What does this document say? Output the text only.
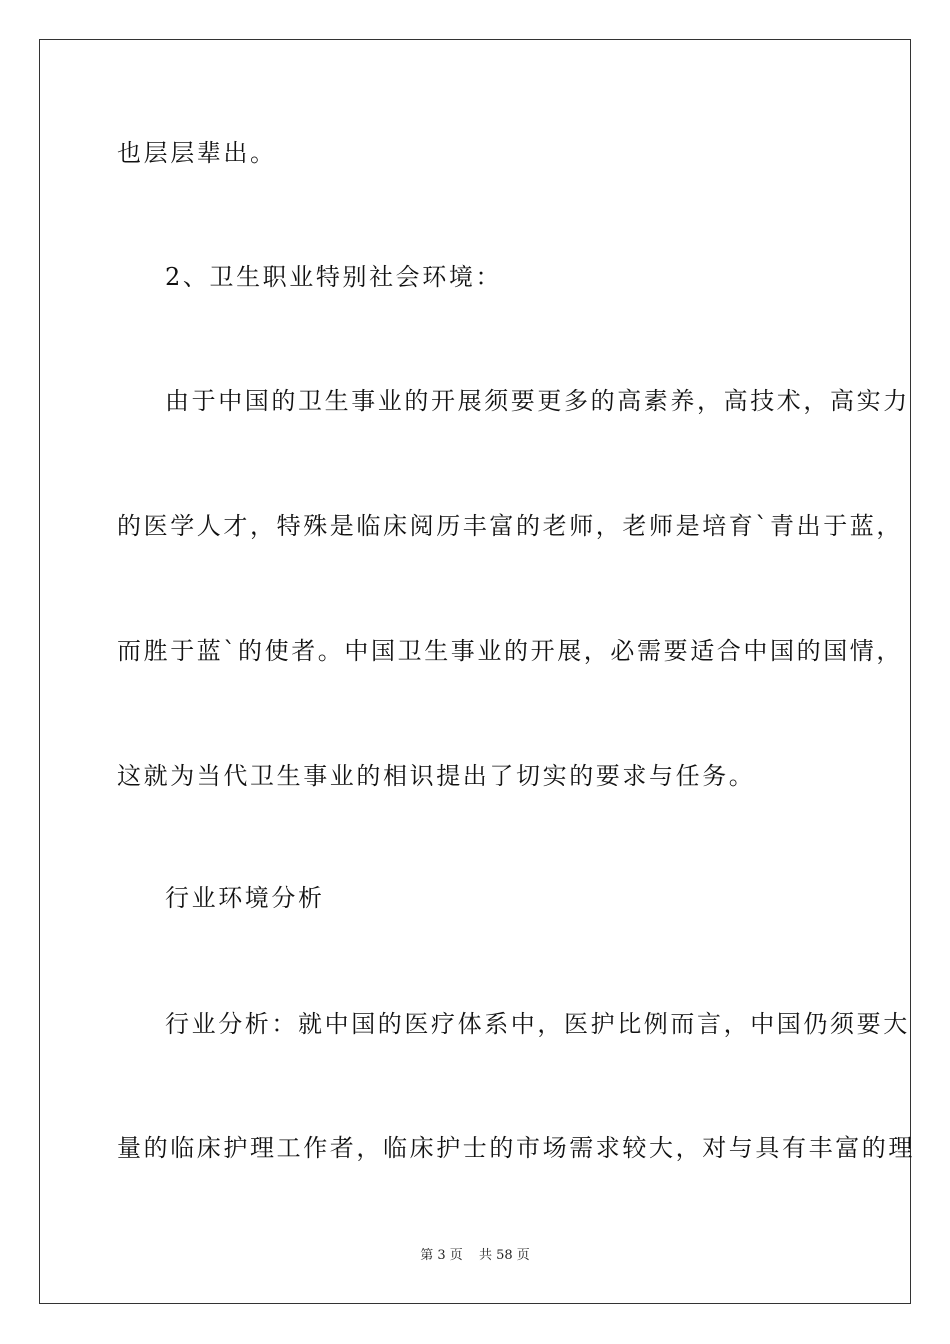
也层层辈出。
2、卫生职业特别社会环境：
由于中国的卫生事业的开展须要更多的高素养，高技术，高实力
的医学人才，特殊是临床阅历丰富的老师，老师是培育`青出于蓝，
而胜于蓝`的使者。中国卫生事业的开展，必需要适合中国的国情，
这就为当代卫生事业的相识提出了切实的要求与任务。
行业环境分析
行业分析：就中国的医疗体系中，医护比例而言，中国仍须要大
量的临床护理工作者，临床护士的市场需求较大，对与具有丰富的理
第 3 页 共 58 页
